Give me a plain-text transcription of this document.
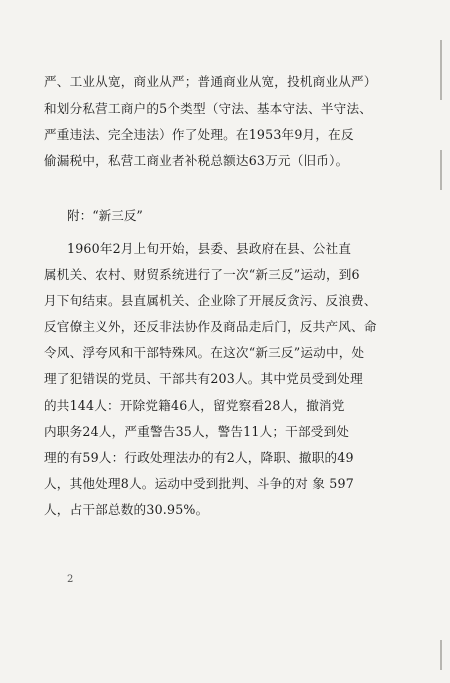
严、工业从宽，商业从严；普通商业从宽，投机商业从严）
和划分私营工商户的5个类型（守法、基本守法、半守法、
严重违法、完全违法）作了处理。在1953年9月，在反
偷漏税中，私营工商业者补税总额达63万元（旧币）。
附：“新三反”
1960年2月上旬开始，县委、县政府在县、公社直
属机关、农村、财贸系统进行了一次“新三反”运动，到6
月下旬结束。县直属机关、企业除了开展反贪污、反浪费、
反官僚主义外，还反非法协作及商品走后门，反共产风、命
令风、浮夸风和干部特殊风。在这次“新三反”运动中，处
理了犯错误的党员、干部共有203人。其中党员受到处理
的共144人：开除党籍46人，留党察看28人，撤消党
内职务24人，严重警告35人，警告11人；干部受到处
理的有59人：行政处理法办的有2人，降职、撤职的49
人，其他处理8人。运动中受到批判、斗争的对 象 597
人，占干部总数的30.95%。
2
